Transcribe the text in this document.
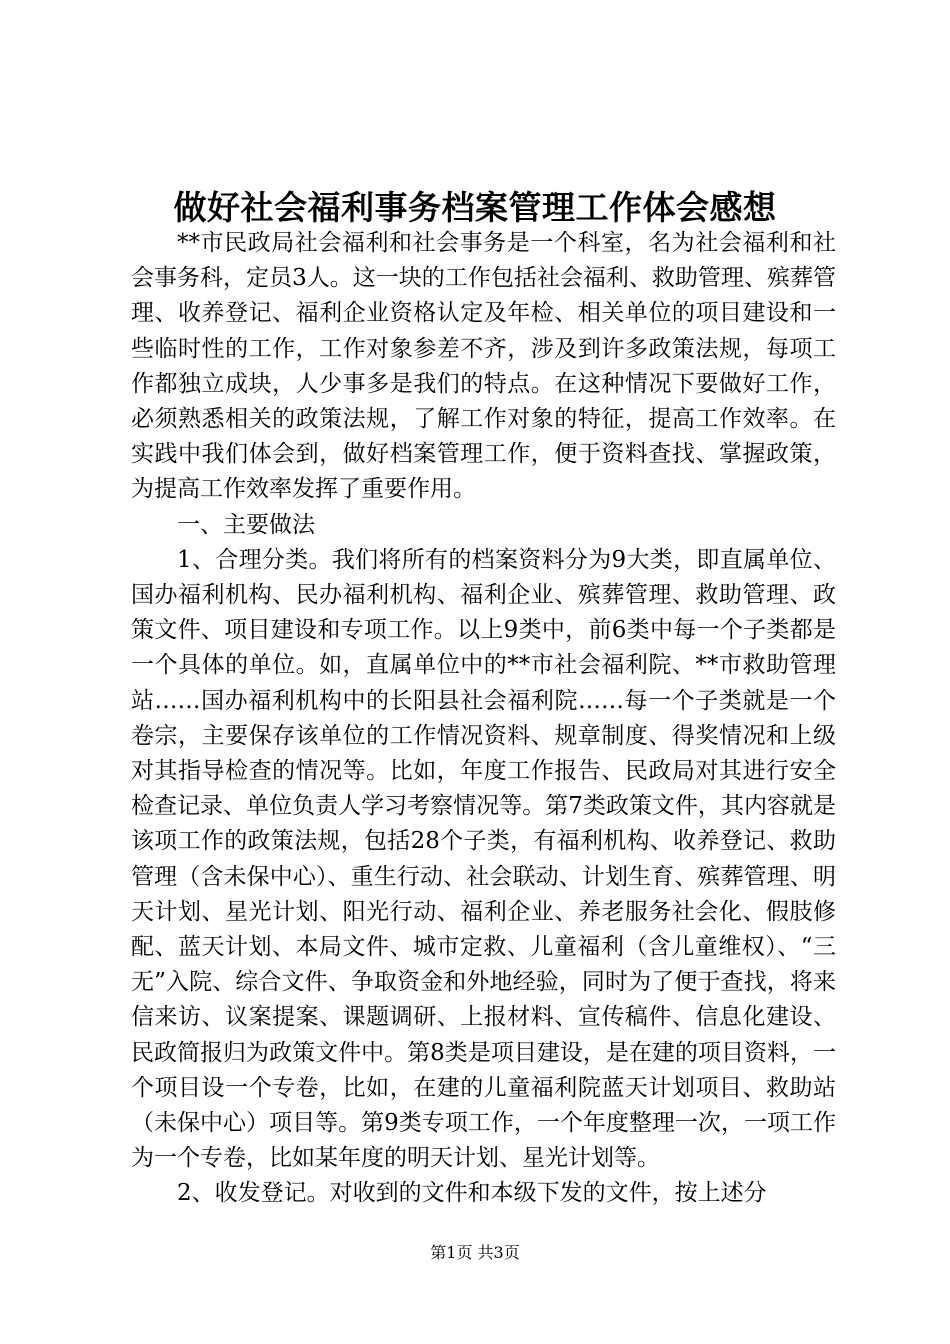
做好社会福利事务档案管理工作体会感想

**市民政局社会福利和社会事务是一个科室，名为社会福利和社会事务科，定员3人。这一块的工作包括社会福利、救助管理、殡葬管理、收养登记、福利企业资格认定及年检、相关单位的项目建设和一些临时性的工作，工作对象参差不齐，涉及到许多政策法规，每项工作都独立成块，人少事多是我们的特点。在这种情况下要做好工作，必须熟悉相关的政策法规，了解工作对象的特征，提高工作效率。在实践中我们体会到，做好档案管理工作，便于资料查找、掌握政策，为提高工作效率发挥了重要作用。

一、主要做法

1、合理分类。我们将所有的档案资料分为9大类，即直属单位、国办福利机构、民办福利机构、福利企业、殡葬管理、救助管理、政策文件、项目建设和专项工作。以上9类中，前6类中每一个子类都是一个具体的单位。如，直属单位中的**市社会福利院、**市救助管理站……国办福利机构中的长阳县社会福利院……每一个子类就是一个卷宗，主要保存该单位的工作情况资料、规章制度、得奖情况和上级对其指导检查的情况等。比如，年度工作报告、民政局对其进行安全检查记录、单位负责人学习考察情况等。第7类政策文件，其内容就是该项工作的政策法规，包括28个子类，有福利机构、收养登记、救助管理（含未保中心）、重生行动、社会联动、计划生育、殡葬管理、明天计划、星光计划、阳光行动、福利企业、养老服务社会化、假肢修配、蓝天计划、本局文件、城市定救、儿童福利（含儿童维权）、“三无”入院、综合文件、争取资金和外地经验，同时为了便于查找，将来信来访、议案提案、课题调研、上报材料、宣传稿件、信息化建设、民政简报归为政策文件中。第8类是项目建设，是在建的项目资料，一个项目设一个专卷，比如，在建的儿童福利院蓝天计划项目、救助站（未保中心）项目等。第9类专项工作，一个年度整理一次，一项工作为一个专卷，比如某年度的明天计划、星光计划等。

2、收发登记。对收到的文件和本级下发的文件，按上述分

第1页 共3页
